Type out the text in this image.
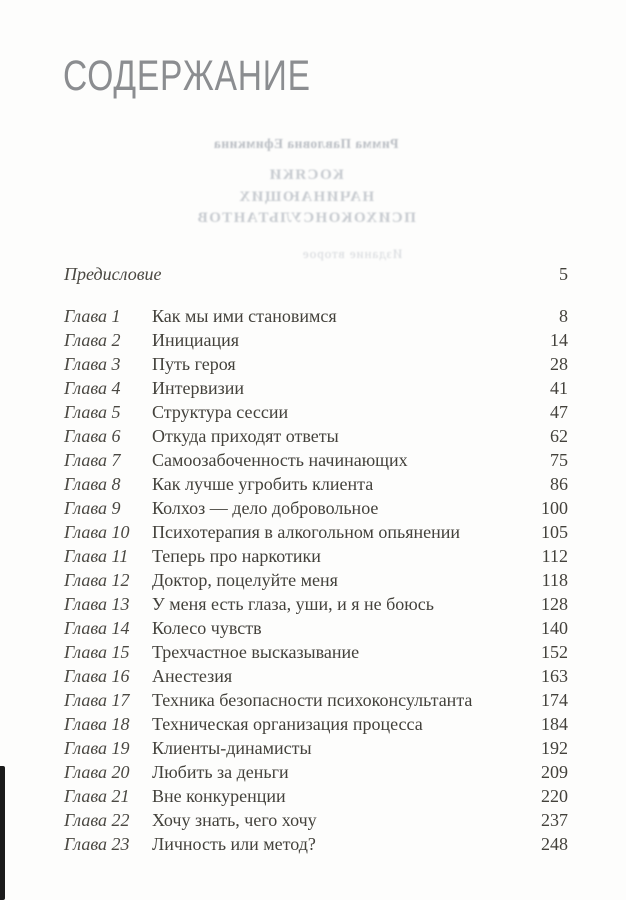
СОДЕРЖАНИЕ
Римма Павловна Ефимкина
КОСЯКИ
НАЧИНАЮЩИХ
ПСИХОКОНСУЛЬТАНТОВ
Издание второе
Предисловие	5
Глава 1	Как мы ими становимся	8
Глава 2	Инициация	14
Глава 3	Путь героя	28
Глава 4	Интервизии	41
Глава 5	Структура сессии	47
Глава 6	Откуда приходят ответы	62
Глава 7	Самоозабоченность начинающих	75
Глава 8	Как лучше угробить клиента	86
Глава 9	Колхоз — дело добровольное	100
Глава 10	Психотерапия в алкогольном опьянении	105
Глава 11	Теперь про наркотики	112
Глава 12	Доктор, поцелуйте меня	118
Глава 13	У меня есть глаза, уши, и я не боюсь	128
Глава 14	Колесо чувств	140
Глава 15	Трехчастное высказывание	152
Глава 16	Анестезия	163
Глава 17	Техника безопасности психоконсультанта	174
Глава 18	Техническая организация процесса	184
Глава 19	Клиенты-динамисты	192
Глава 20	Любить за деньги	209
Глава 21	Вне конкуренции	220
Глава 22	Хочу знать, чего хочу	237
Глава 23	Личность или метод?	248
